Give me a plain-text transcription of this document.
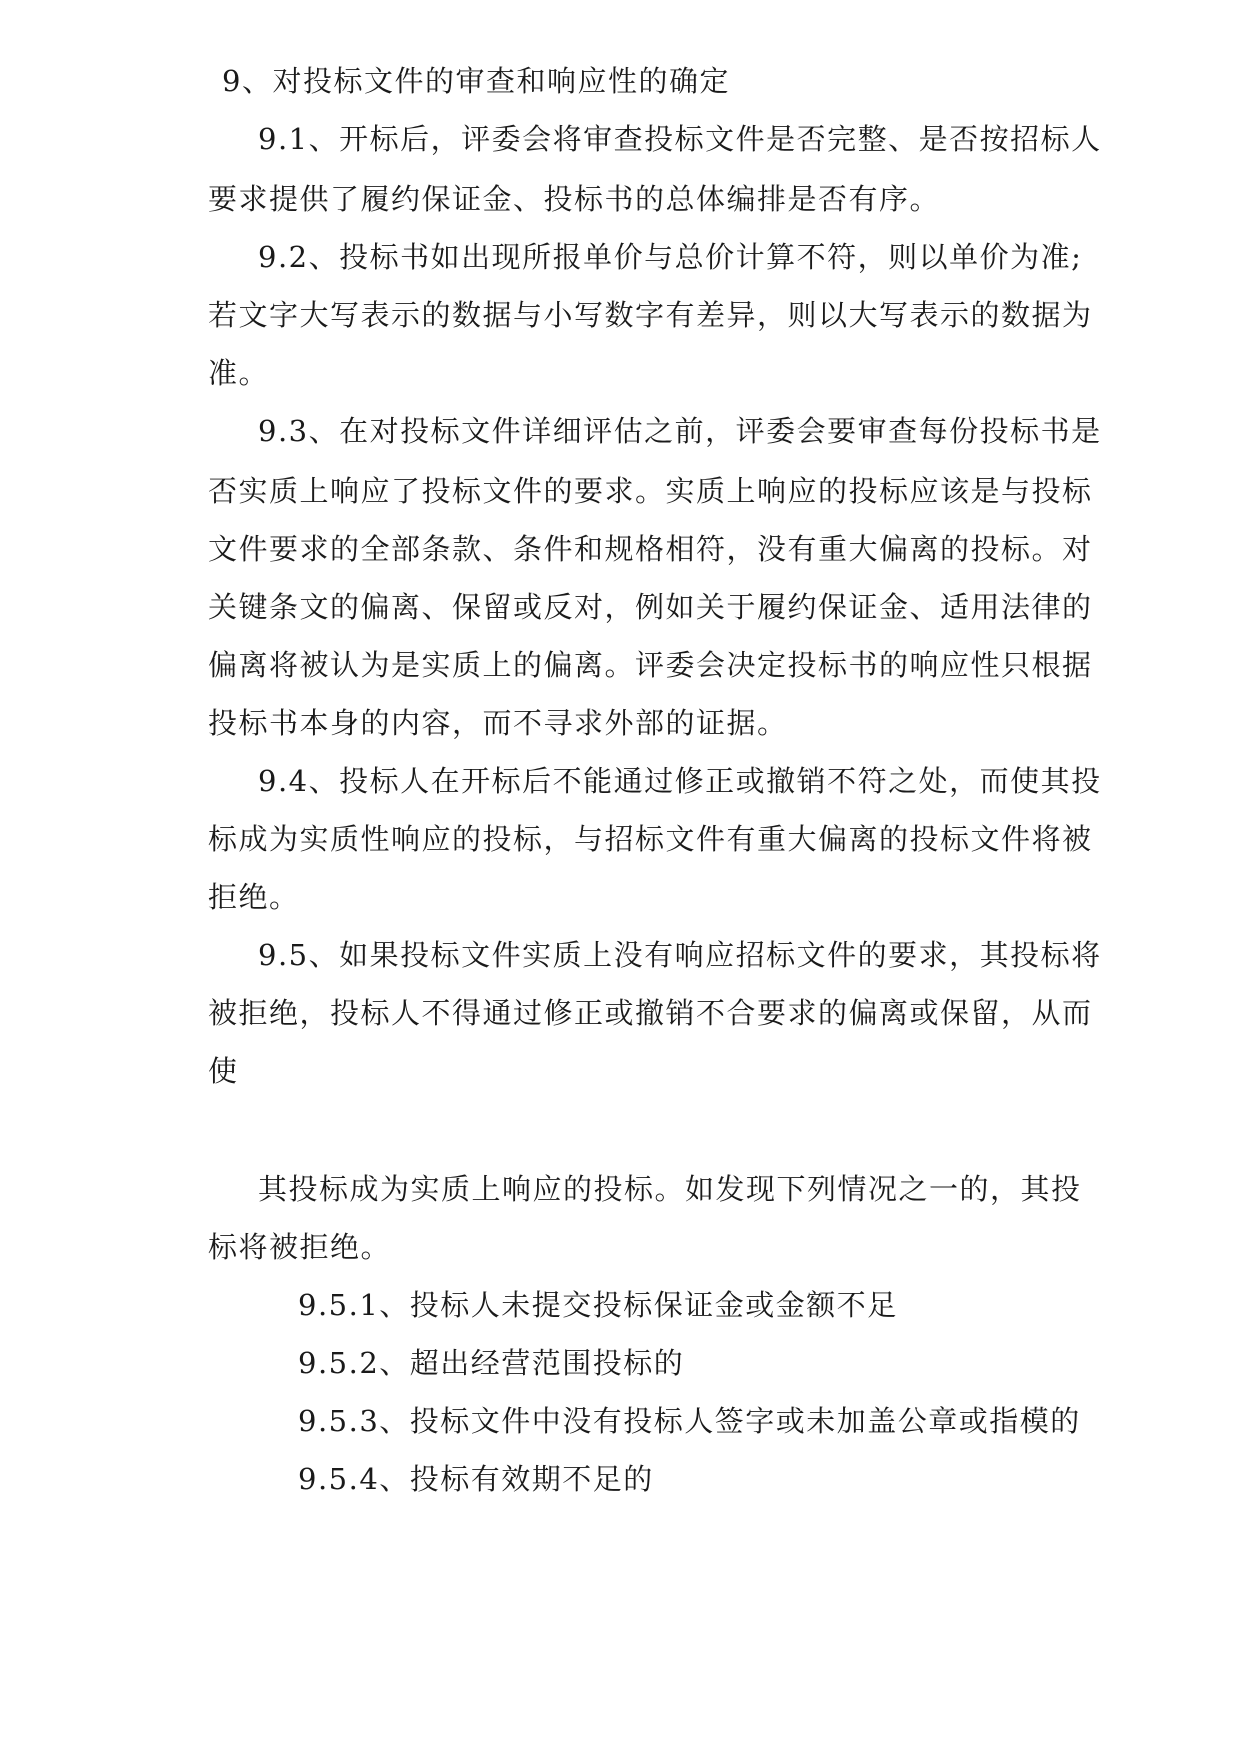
9、对投标文件的审查和响应性的确定
9.1、开标后，评委会将审查投标文件是否完整、是否按招标人
要求提供了履约保证金、投标书的总体编排是否有序。
9.2、投标书如出现所报单价与总价计算不符，则以单价为准;
若文字大写表示的数据与小写数字有差异，则以大写表示的数据为
准。
9.3、在对投标文件详细评估之前，评委会要审查每份投标书是
否实质上响应了投标文件的要求。实质上响应的投标应该是与投标
文件要求的全部条款、条件和规格相符，没有重大偏离的投标。对
关键条文的偏离、保留或反对，例如关于履约保证金、适用法律的
偏离将被认为是实质上的偏离。评委会决定投标书的响应性只根据
投标书本身的内容，而不寻求外部的证据。
9.4、投标人在开标后不能通过修正或撤销不符之处，而使其投
标成为实质性响应的投标，与招标文件有重大偏离的投标文件将被
拒绝。
9.5、如果投标文件实质上没有响应招标文件的要求，其投标将
被拒绝，投标人不得通过修正或撤销不合要求的偏离或保留，从而
使
其投标成为实质上响应的投标。如发现下列情况之一的，其投
标将被拒绝。
9.5.1、投标人未提交投标保证金或金额不足
9.5.2、超出经营范围投标的
9.5.3、投标文件中没有投标人签字或未加盖公章或指模的
9.5.4、投标有效期不足的
